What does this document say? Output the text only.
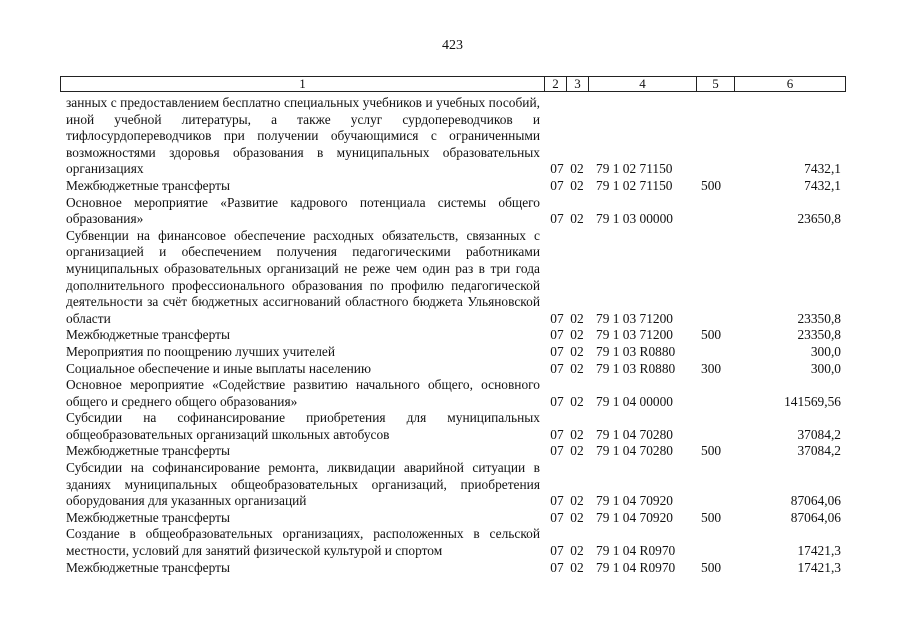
423
1	2	3	4	5	6
занных с предоставлением бесплатно специальных учебников и учебных пособий, иной учебной литературы, а также услуг сурдопереводчиков и тифлосурдопереводчиков при получении обучающимися с ограниченными возможностями здоровья образования в муниципальных образовательных организациях	07	02	79 1 02 71150		7432,1
Межбюджетные трансферты	07	02	79 1 02 71150	500	7432,1
Основное мероприятие «Развитие кадрового потенциала системы общего образования»	07	02	79 1 03 00000		23650,8
Субвенции на финансовое обеспечение расходных обязательств, связанных с организацией и обеспечением получения педагогическими работниками муниципальных образовательных организаций не реже чем один раз в три года дополнительного профессионального образования по профилю педагогической деятельности за счёт бюджетных ассигнований областного бюджета Ульяновской области	07	02	79 1 03 71200		23350,8
Межбюджетные трансферты	07	02	79 1 03 71200	500	23350,8
Мероприятия по поощрению лучших учителей	07	02	79 1 03 R0880		300,0
Социальное обеспечение и иные выплаты населению	07	02	79 1 03 R0880	300	300,0
Основное мероприятие «Содействие развитию начального общего, основного общего и среднего общего образования»	07	02	79 1 04 00000		141569,56
Субсидии на софинансирование приобретения для муниципальных общеобразовательных организаций школьных автобусов	07	02	79 1 04 70280		37084,2
Межбюджетные трансферты	07	02	79 1 04 70280	500	37084,2
Субсидии на софинансирование ремонта, ликвидации аварийной ситуации в зданиях муниципальных общеобразовательных организаций, приобретения оборудования для указанных организаций	07	02	79 1 04 70920		87064,06
Межбюджетные трансферты	07	02	79 1 04 70920	500	87064,06
Создание в общеобразовательных организациях, расположенных в сельской местности, условий для занятий физической культурой и спортом	07	02	79 1 04 R0970		17421,3
Межбюджетные трансферты	07	02	79 1 04 R0970	500	17421,3
